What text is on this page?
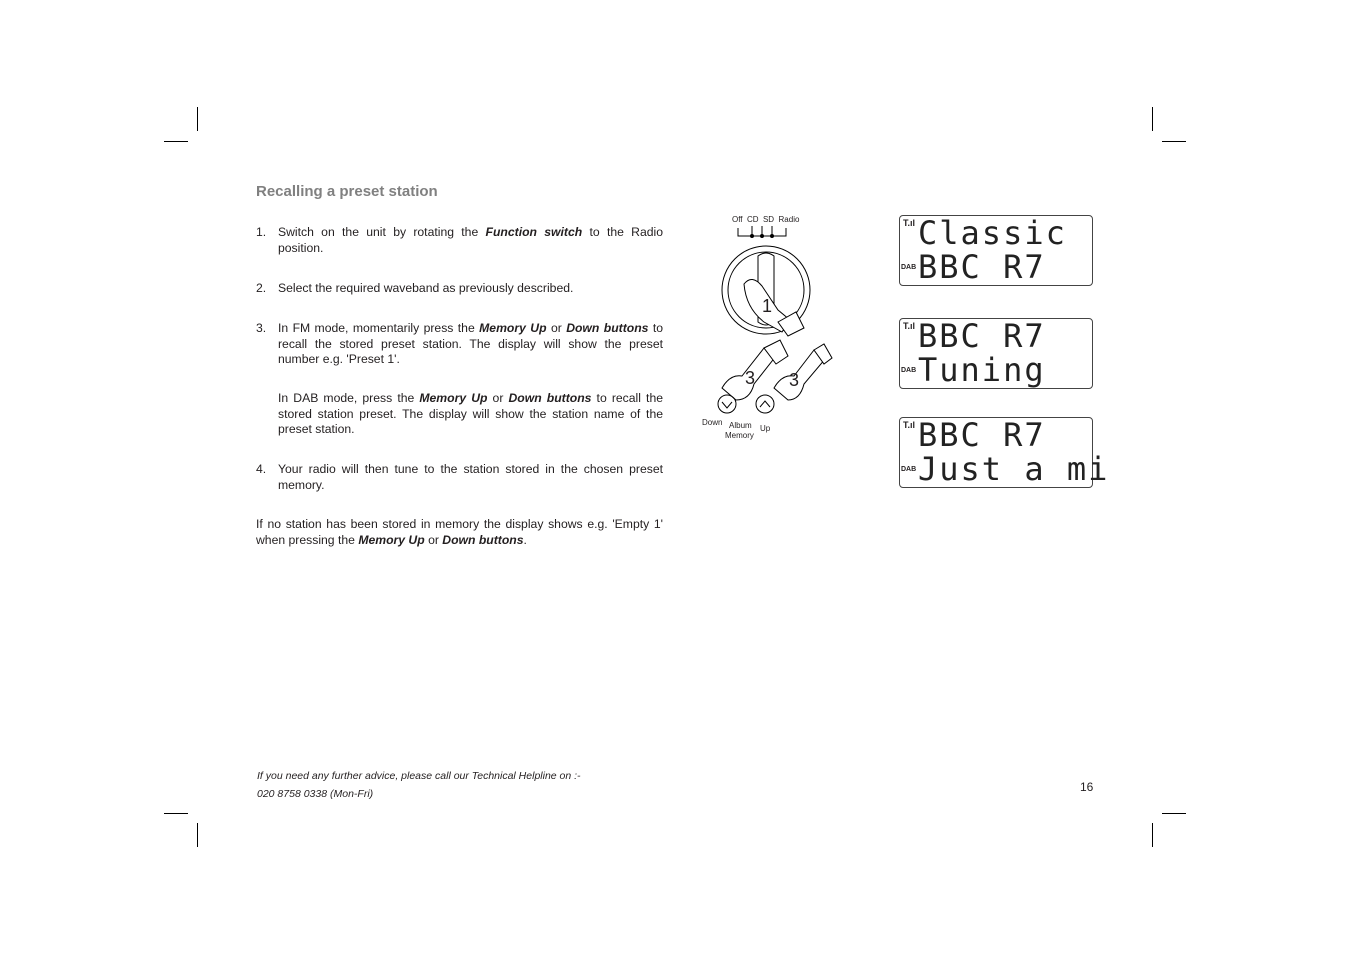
Recalling a preset station
1. Switch on the unit by rotating the Function switch to the Radio position.
2. Select the required waveband as previously described.
3. In FM mode, momentarily press the Memory Up or Down buttons to recall the stored preset station. The display will show the preset number e.g. 'Preset 1'.
In DAB mode, press the Memory Up or Down buttons to recall the stored station preset. The display will show the station name of the preset station.
4. Your radio will then tune to the station stored in the chosen preset memory.
If no station has been stored in memory the display shows e.g. 'Empty 1' when pressing the Memory Up or Down buttons.
If you need any further advice, please call our Technical Helpline on :-
020 8758 0338 (Mon-Fri)	16
Off  CD  SD  Radio
1
3 3
Down Album Up
Memory
T.ıl
DAB
Classic
BBC R7
T.ıl
DAB
BBC R7
Tuning
T.ıl
DAB
BBC R7
Just a mi
